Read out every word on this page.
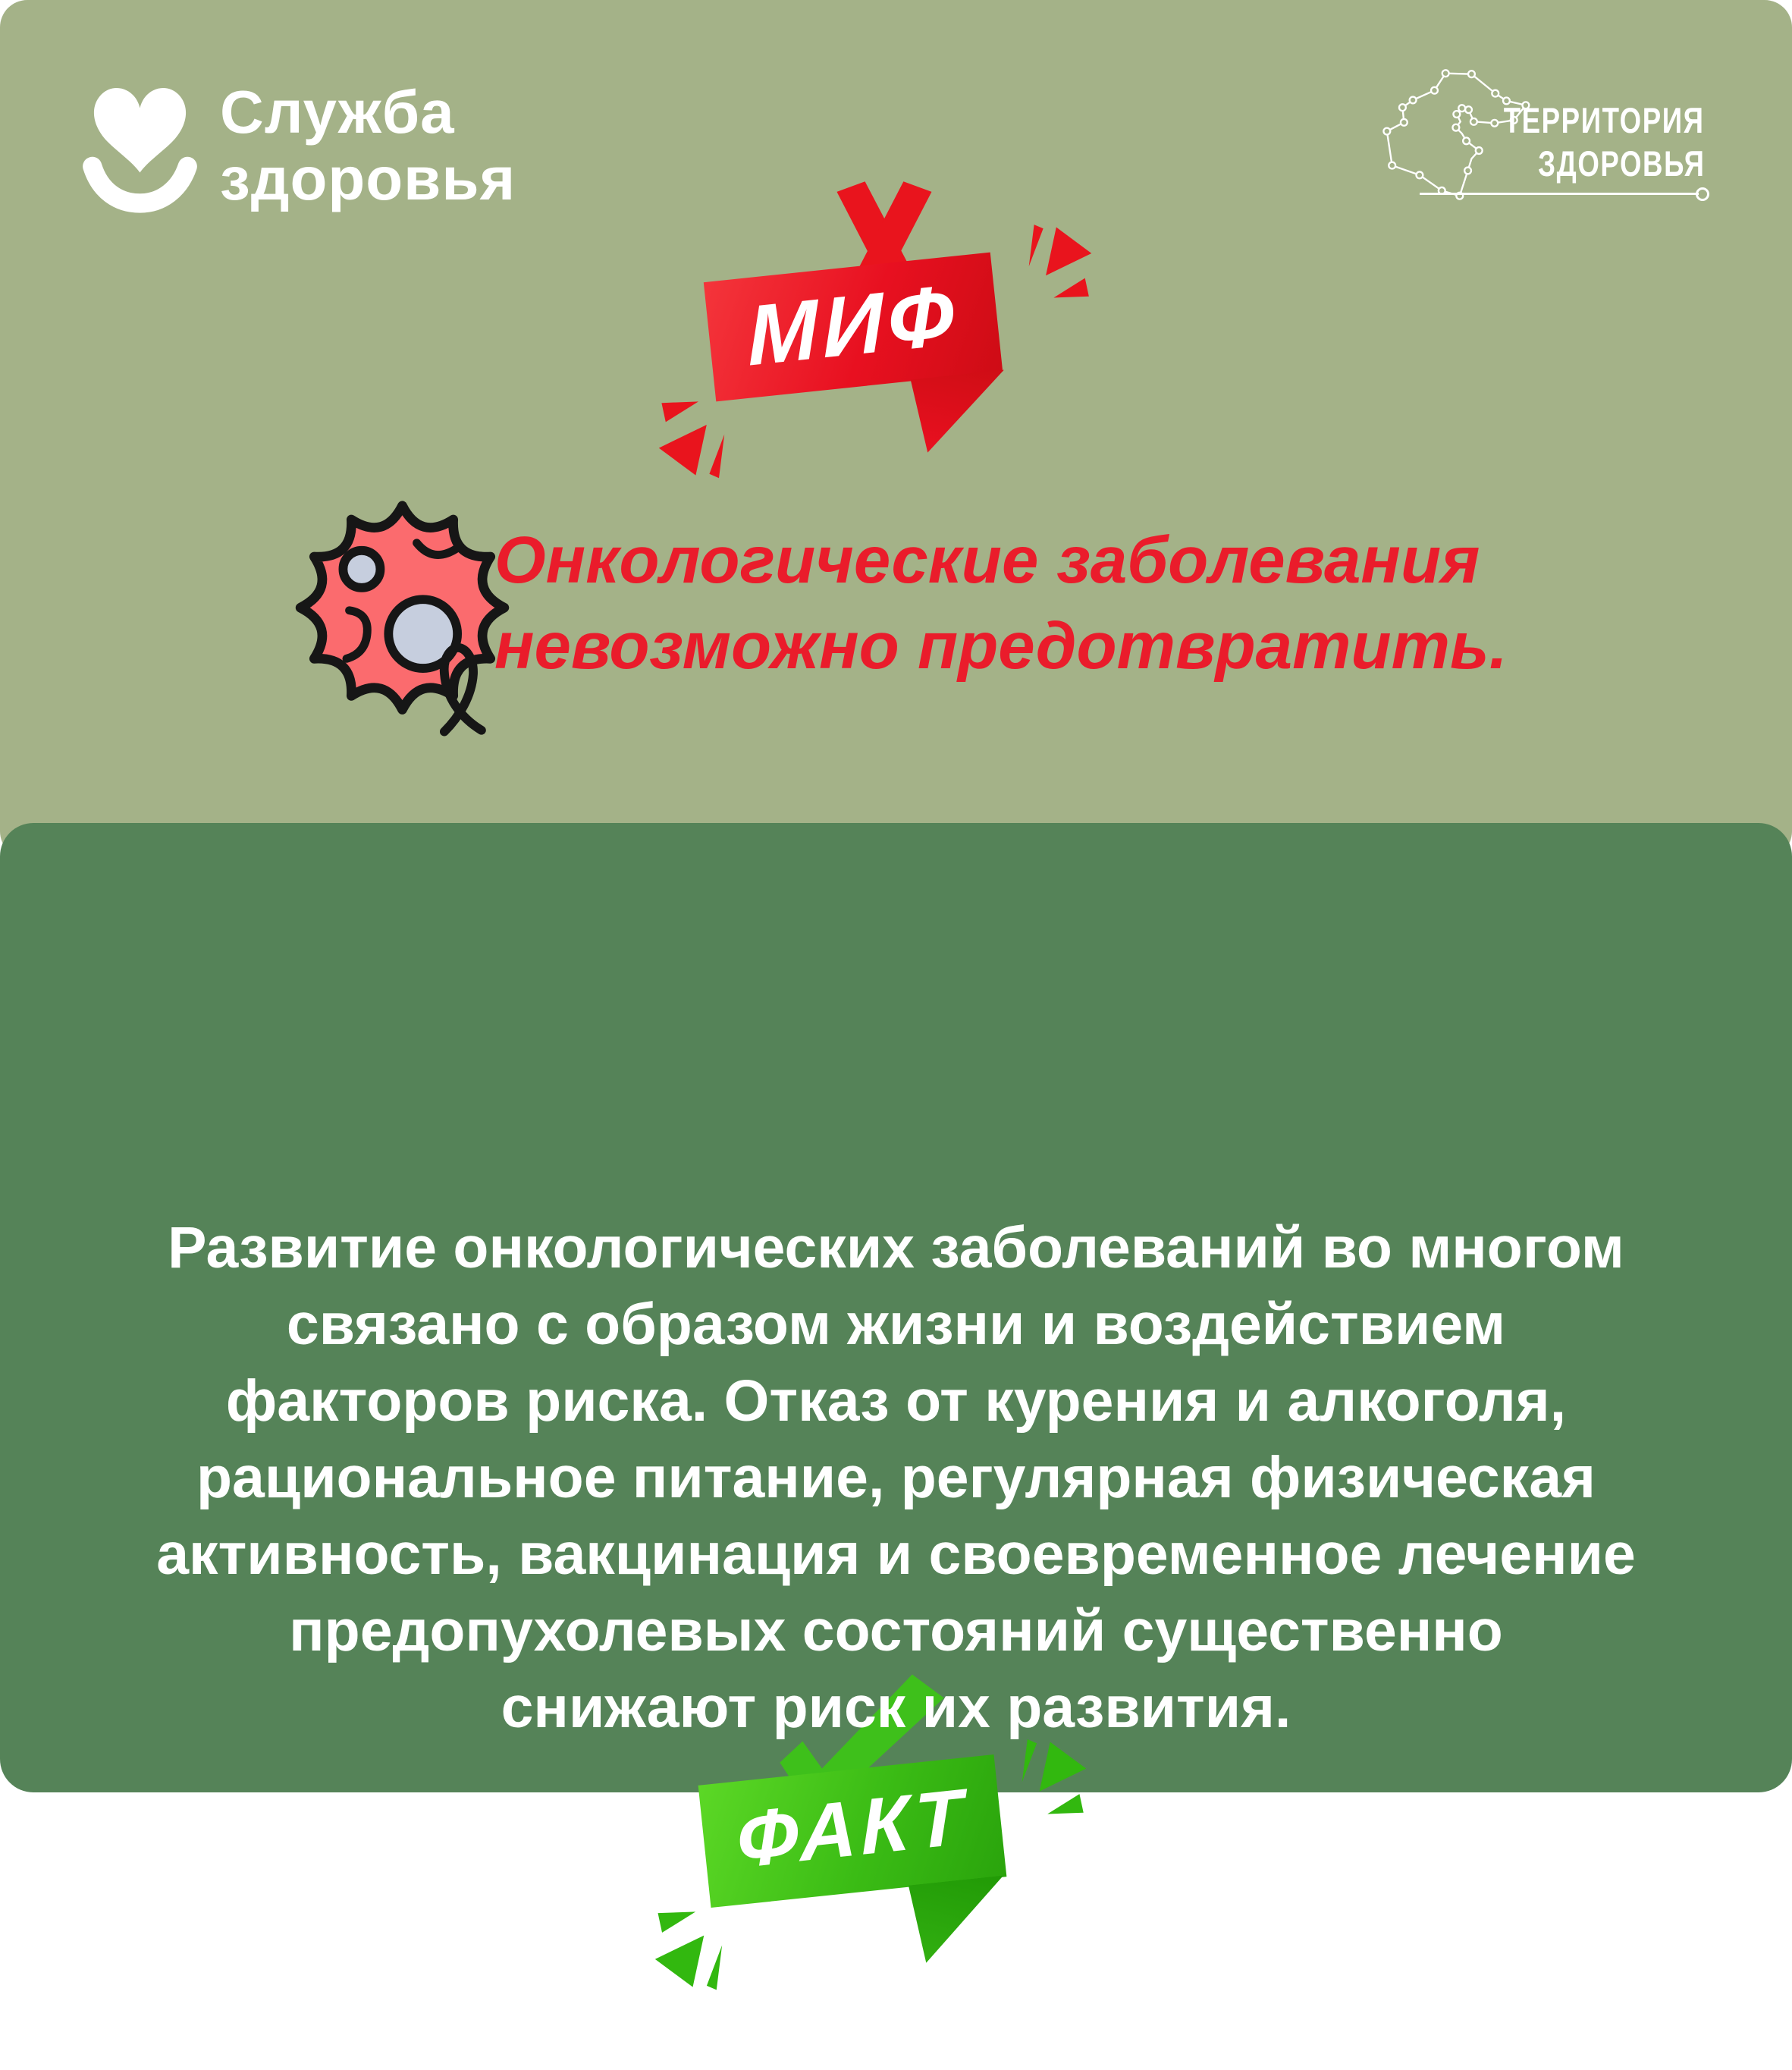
Служба
здоровья
ТЕРРИТОРИЯ
ЗДОРОВЬЯ
МИФ
Онкологические заболевания
невозможно предотвратить.
ФАКТ
Развитие онкологических заболеваний во многом
связано с образом жизни и воздействием
факторов риска. Отказ от курения и алкоголя,
рациональное питание, регулярная физическая
активность, вакцинация и своевременное лечение
предопухолевых состояний существенно
снижают риск их развития.
